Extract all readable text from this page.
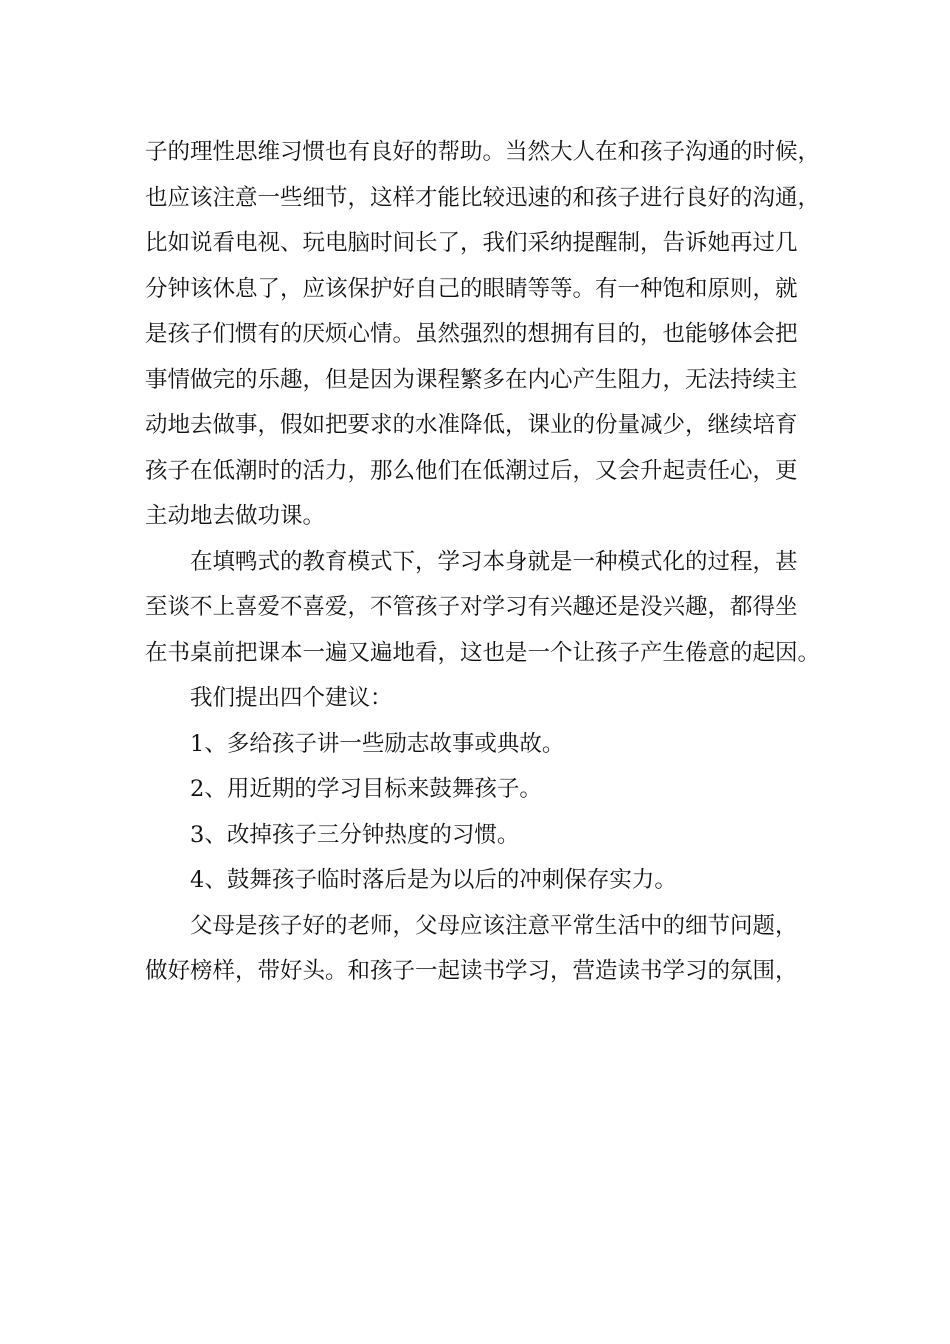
子的理性思维习惯也有良好的帮助。当然大人在和孩子沟通的时候，
也应该注意一些细节，这样才能比较迅速的和孩子进行良好的沟通，
比如说看电视、玩电脑时间长了，我们采纳提醒制，告诉她再过几
分钟该休息了，应该保护好自己的眼睛等等。有一种饱和原则，就
是孩子们惯有的厌烦心情。虽然强烈的想拥有目的，也能够体会把
事情做完的乐趣，但是因为课程繁多在内心产生阻力，无法持续主
动地去做事，假如把要求的水准降低，课业的份量减少，继续培育
孩子在低潮时的活力，那么他们在低潮过后，又会升起责任心，更
主动地去做功课。
在填鸭式的教育模式下，学习本身就是一种模式化的过程，甚
至谈不上喜爱不喜爱，不管孩子对学习有兴趣还是没兴趣，都得坐
在书桌前把课本一遍又遍地看，这也是一个让孩子产生倦意的起因。
我们提出四个建议：
1、多给孩子讲一些励志故事或典故。
2、用近期的学习目标来鼓舞孩子。
3、改掉孩子三分钟热度的习惯。
4、鼓舞孩子临时落后是为以后的冲刺保存实力。
父母是孩子好的老师，父母应该注意平常生活中的细节问题，
做好榜样，带好头。和孩子一起读书学习，营造读书学习的氛围，
